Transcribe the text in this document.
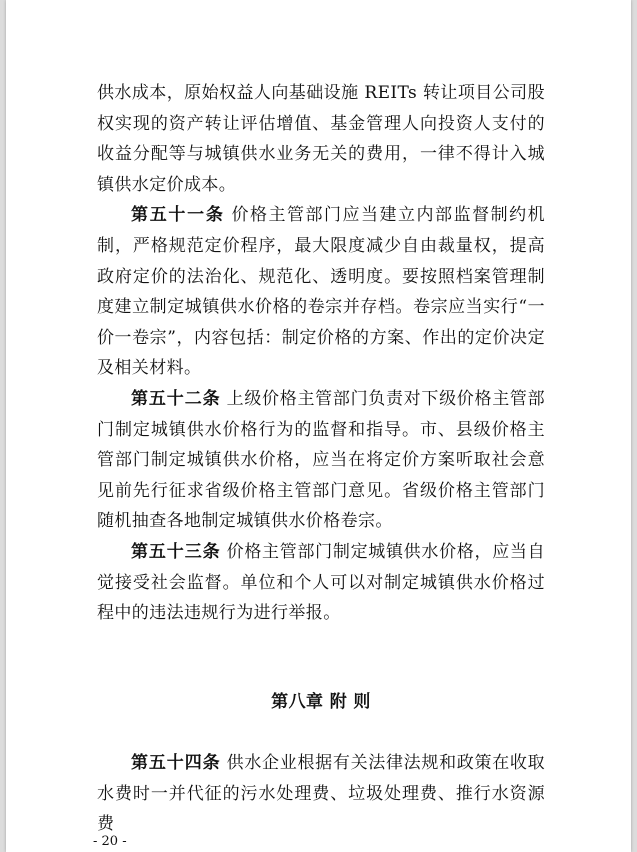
供水成本，原始权益人向基础设施 REITs 转让项目公司股权实现的资产转让评估增值、基金管理人向投资人支付的收益分配等与城镇供水业务无关的费用，一律不得计入城镇供水定价成本。

第五十一条 价格主管部门应当建立内部监督制约机制，严格规范定价程序，最大限度减少自由裁量权，提高政府定价的法治化、规范化、透明度。要按照档案管理制度建立制定城镇供水价格的卷宗并存档。卷宗应当实行“一价一卷宗”，内容包括：制定价格的方案、作出的定价决定及相关材料。

第五十二条 上级价格主管部门负责对下级价格主管部门制定城镇供水价格行为的监督和指导。市、县级价格主管部门制定城镇供水价格，应当在将定价方案听取社会意见前先行征求省级价格主管部门意见。省级价格主管部门随机抽查各地制定城镇供水价格卷宗。

第五十三条 价格主管部门制定城镇供水价格，应当自觉接受社会监督。单位和个人可以对制定城镇供水价格过程中的违法违规行为进行举报。

第八章 附 则

第五十四条 供水企业根据有关法律法规和政策在收取水费时一并代征的污水处理费、垃圾处理费、推行水资源费

- 20 -
